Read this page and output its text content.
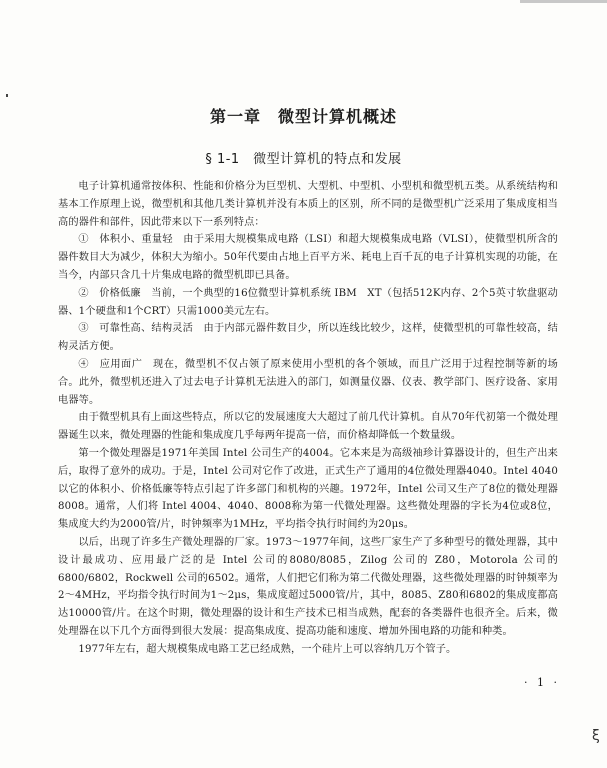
第一章　微型计算机概述
§ 1-1　微型计算机的特点和发展

电子计算机通常按体积、性能和价格分为巨型机、大型机、中型机、小型机和微型机五类。从系统结构和基本工作原理上说，微型机和其他几类计算机并没有本质上的区别，所不同的是微型机广泛采用了集成度相当高的器件和部件，因此带来以下一系列特点：

①　体积小、重量轻　由于采用大规模集成电路（LSI）和超大规模集成电路（VLSI），使微型机所含的器件数目大为减少，体积大为缩小。50年代要由占地上百平方米、耗电上百千瓦的电子计算机实现的功能，在当今，内部只含几十片集成电路的微型机即已具备。

②　价格低廉　当前，一个典型的16位微型计算机系统 IBM　XT（包括512K内存、2个5英寸软盘驱动器、1个硬盘和1个CRT）只需1000美元左右。

③　可靠性高、结构灵活　由于内部元器件数目少，所以连线比较少，这样，使微型机的可靠性较高，结构灵活方便。

④　应用面广　现在，微型机不仅占领了原来使用小型机的各个领域，而且广泛用于过程控制等新的场合。此外，微型机还进入了过去电子计算机无法进入的部门，如测量仪器、仪表、教学部门、医疗设备、家用电器等。

由于微型机具有上面这些特点，所以它的发展速度大大超过了前几代计算机。自从70年代初第一个微处理器诞生以来，微处理器的性能和集成度几乎每两年提高一倍，而价格却降低一个数量级。

第一个微处理器是1971年美国 Intel 公司生产的4004。它本来是为高级袖珍计算器设计的，但生产出来后，取得了意外的成功。于是，Intel 公司对它作了改进，正式生产了通用的4位微处理器4040。Intel 4040以它的体积小、价格低廉等特点引起了许多部门和机构的兴趣。1972年，Intel 公司又生产了8位的微处理器8008。通常，人们将 Intel 4004、4040、8008称为第一代微处理器。这些微处理器的字长为4位或8位，集成度大约为2000管/片，时钟频率为1MHz，平均指令执行时间约为20μs。

以后，出现了许多生产微处理器的厂家。1973～1977年间，这些厂家生产了多种型号的微处理器，其中设计最成功、应用最广泛的是 Intel 公司的8080/8085，Zilog 公司的 Z80，Motorola 公司的6800/6802，Rockwell 公司的6502。通常，人们把它们称为第二代微处理器，这些微处理器的时钟频率为2～4MHz，平均指令执行时间为1～2μs，集成度超过5000管/片，其中，8085、Z80和6802的集成度都高达10000管/片。在这个时期，微处理器的设计和生产技术已相当成熟，配套的各类器件也很齐全。后来，微处理器在以下几个方面得到很大发展：提高集成度、提高功能和速度、增加外围电路的功能和种类。

1977年左右，超大规模集成电路工艺已经成熟，一个硅片上可以容纳几万个管子。

· 1 ·
ξ
